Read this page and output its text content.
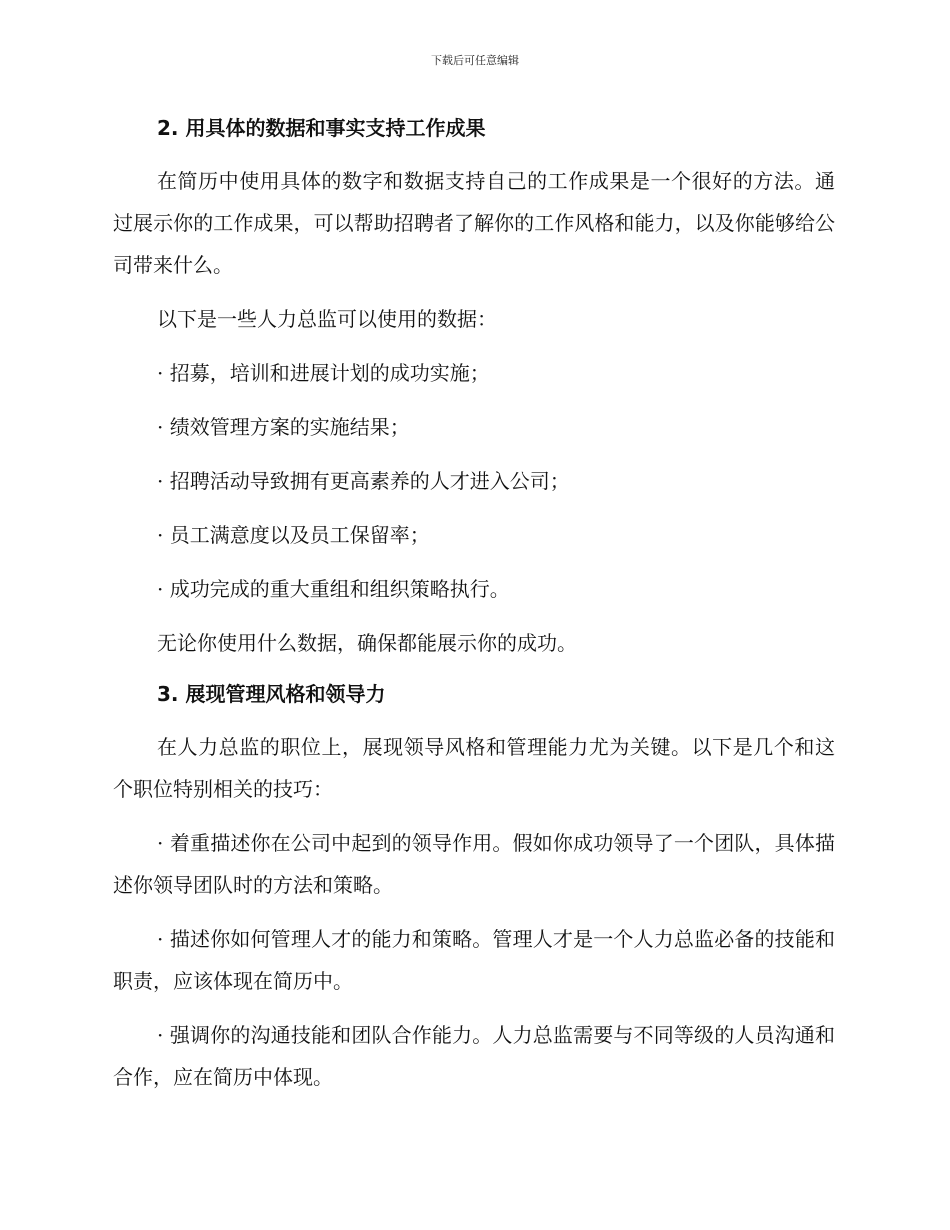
下载后可任意编辑
2. 用具体的数据和事实支持工作成果

在简历中使用具体的数字和数据支持自己的工作成果是一个很好的方法。通过展示你的工作成果，可以帮助招聘者了解你的工作风格和能力，以及你能够给公司带来什么。

以下是一些人力总监可以使用的数据：

· 招募，培训和进展计划的成功实施；

· 绩效管理方案的实施结果；

· 招聘活动导致拥有更高素养的人才进入公司；

· 员工满意度以及员工保留率；

· 成功完成的重大重组和组织策略执行。

无论你使用什么数据，确保都能展示你的成功。

3. 展现管理风格和领导力

在人力总监的职位上，展现领导风格和管理能力尤为关键。以下是几个和这个职位特别相关的技巧：

· 着重描述你在公司中起到的领导作用。假如你成功领导了一个团队，具体描述你领导团队时的方法和策略。

· 描述你如何管理人才的能力和策略。管理人才是一个人力总监必备的技能和职责，应该体现在简历中。

· 强调你的沟通技能和团队合作能力。人力总监需要与不同等级的人员沟通和合作，应在简历中体现。
